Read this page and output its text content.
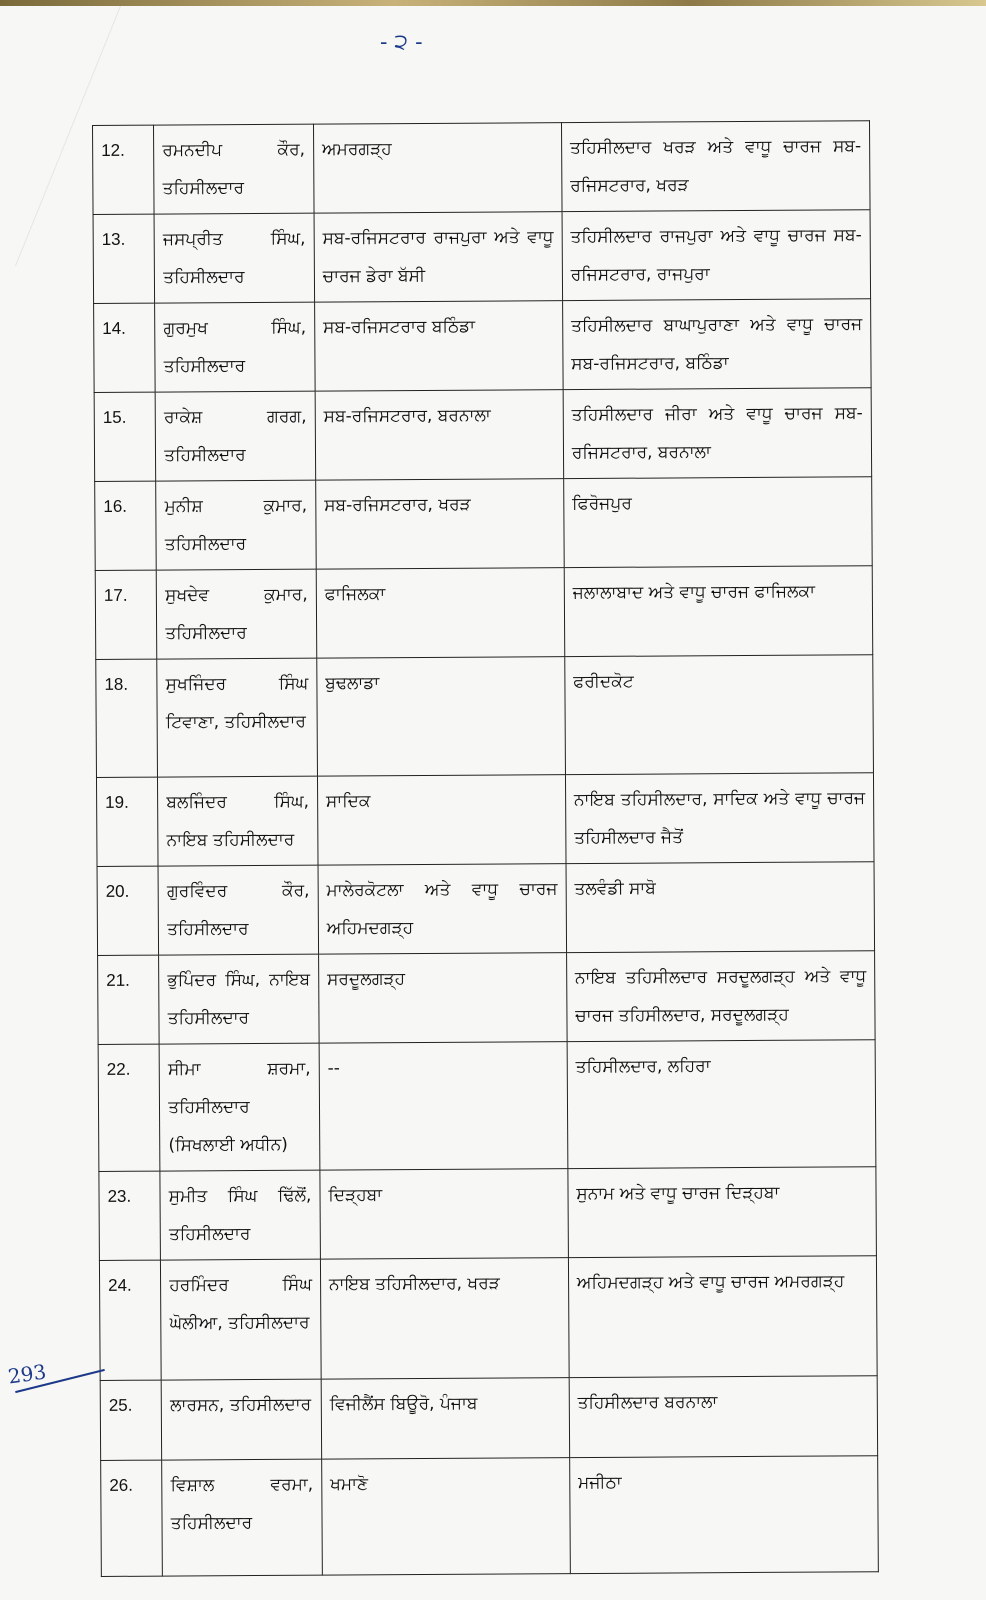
- ੨ -
12.	ਰਮਨਦੀਪ ਕੌਰ, ਤਹਿਸੀਲਦਾਰ	ਅਮਰਗੜ੍ਹ	ਤਹਿਸੀਲਦਾਰ ਖਰੜ ਅਤੇ ਵਾਧੂ ਚਾਰਜ ਸਬ-ਰਜਿਸਟਰਾਰ, ਖਰੜ
13.	ਜਸਪ੍ਰੀਤ ਸਿੰਘ, ਤਹਿਸੀਲਦਾਰ	ਸਬ-ਰਜਿਸਟਰਾਰ ਰਾਜਪੁਰਾ ਅਤੇ ਵਾਧੂ ਚਾਰਜ ਡੇਰਾ ਬੱਸੀ	ਤਹਿਸੀਲਦਾਰ ਰਾਜਪੁਰਾ ਅਤੇ ਵਾਧੂ ਚਾਰਜ ਸਬ-ਰਜਿਸਟਰਾਰ, ਰਾਜਪੁਰਾ
14.	ਗੁਰਮੁਖ ਸਿੰਘ, ਤਹਿਸੀਲਦਾਰ	ਸਬ-ਰਜਿਸਟਰਾਰ ਬਠਿੰਡਾ	ਤਹਿਸੀਲਦਾਰ ਬਾਘਾਪੁਰਾਣਾ ਅਤੇ ਵਾਧੂ ਚਾਰਜ ਸਬ-ਰਜਿਸਟਰਾਰ, ਬਠਿੰਡਾ
15.	ਰਾਕੇਸ਼ ਗਰਗ, ਤਹਿਸੀਲਦਾਰ	ਸਬ-ਰਜਿਸਟਰਾਰ, ਬਰਨਾਲਾ	ਤਹਿਸੀਲਦਾਰ ਜੀਰਾ ਅਤੇ ਵਾਧੂ ਚਾਰਜ ਸਬ-ਰਜਿਸਟਰਾਰ, ਬਰਨਾਲਾ
16.	ਮੁਨੀਸ਼ ਕੁਮਾਰ, ਤਹਿਸੀਲਦਾਰ	ਸਬ-ਰਜਿਸਟਰਾਰ, ਖਰੜ	ਫਿਰੋਜਪੁਰ
17.	ਸੁਖਦੇਵ ਕੁਮਾਰ, ਤਹਿਸੀਲਦਾਰ	ਫਾਜਿਲਕਾ	ਜਲਾਲਾਬਾਦ ਅਤੇ ਵਾਧੂ ਚਾਰਜ ਫਾਜਿਲਕਾ
18.	ਸੁਖਜਿੰਦਰ ਸਿੰਘ ਟਿਵਾਣਾ, ਤਹਿਸੀਲਦਾਰ	ਬੁਢਲਾਡਾ	ਫਰੀਦਕੋਟ
19.	ਬਲਜਿੰਦਰ ਸਿੰਘ, ਨਾਇਬ ਤਹਿਸੀਲਦਾਰ	ਸਾਦਿਕ	ਨਾਇਬ ਤਹਿਸੀਲਦਾਰ, ਸਾਦਿਕ ਅਤੇ ਵਾਧੂ ਚਾਰਜ ਤਹਿਸੀਲਦਾਰ ਜੈਤੋਂ
20.	ਗੁਰਵਿੰਦਰ ਕੌਰ, ਤਹਿਸੀਲਦਾਰ	ਮਾਲੇਰਕੋਟਲਾ ਅਤੇ ਵਾਧੂ ਚਾਰਜ ਅਹਿਮਦਗੜ੍ਹ	ਤਲਵੰਡੀ ਸਾਬੋ
21.	ਭੁਪਿੰਦਰ ਸਿੰਘ, ਨਾਇਬ ਤਹਿਸੀਲਦਾਰ	ਸਰਦੂਲਗੜ੍ਹ	ਨਾਇਬ ਤਹਿਸੀਲਦਾਰ ਸਰਦੂਲਗੜ੍ਹ ਅਤੇ ਵਾਧੂ ਚਾਰਜ ਤਹਿਸੀਲਦਾਰ, ਸਰਦੂਲਗੜ੍ਹ
22.	ਸੀਮਾ ਸ਼ਰਮਾ, ਤਹਿਸੀਲਦਾਰ (ਸਿਖਲਾਈ ਅਧੀਨ)	--	ਤਹਿਸੀਲਦਾਰ, ਲਹਿਰਾ
23.	ਸੁਮੀਤ ਸਿੰਘ ਢਿੱਲੋਂ, ਤਹਿਸੀਲਦਾਰ	ਦਿੜ੍ਹਬਾ	ਸੁਨਾਮ ਅਤੇ ਵਾਧੂ ਚਾਰਜ ਦਿੜ੍ਹਬਾ
24.	ਹਰਮਿੰਦਰ ਸਿੰਘ ਘੋਲੀਆ, ਤਹਿਸੀਲਦਾਰ	ਨਾਇਬ ਤਹਿਸੀਲਦਾਰ, ਖਰੜ	ਅਹਿਮਦਗੜ੍ਹ ਅਤੇ ਵਾਧੂ ਚਾਰਜ ਅਮਰਗੜ੍ਹ
25.	ਲਾਰਸਨ, ਤਹਿਸੀਲਦਾਰ	ਵਿਜੀਲੈਂਸ ਬਿਊਰੋ, ਪੰਜਾਬ	ਤਹਿਸੀਲਦਾਰ ਬਰਨਾਲਾ
26.	ਵਿਸ਼ਾਲ ਵਰਮਾ, ਤਹਿਸੀਲਦਾਰ	ਖਮਾਣੋ	ਮਜੀਠਾ
293
